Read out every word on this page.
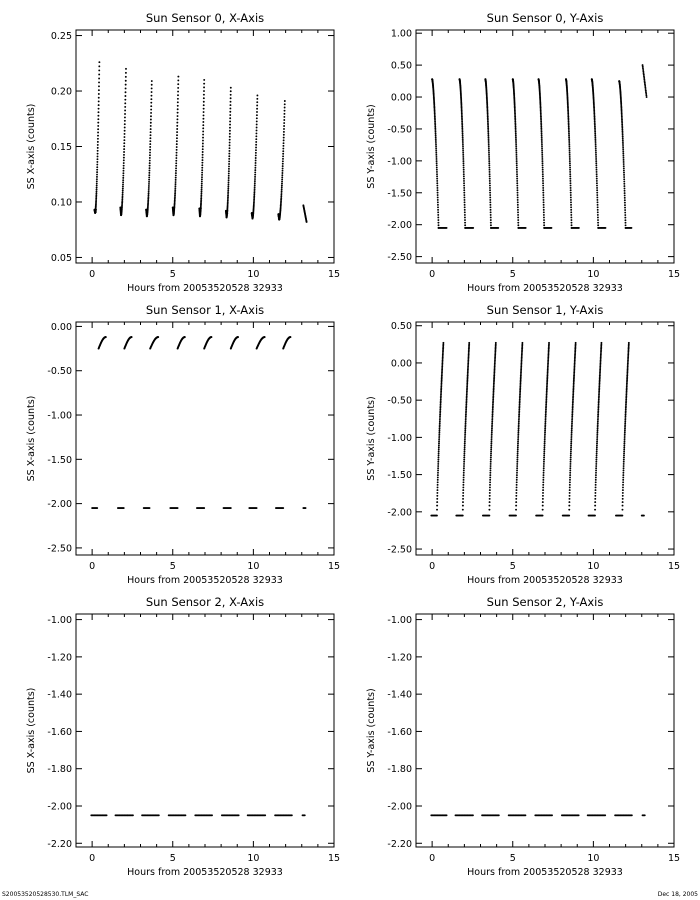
Sun Sensor 0, X-Axis
Hours from 20053520528 32933
SS X-axis (counts)
0	5	10	15
0.05
0.10
0.15
0.20
0.25
Sun Sensor 0, Y-Axis
Hours from 20053520528 32933
SS Y-axis (counts)
0	5	10	15
1.00
0.50
0.00
-0.50
-1.00
-1.50
-2.00
-2.50
Sun Sensor 1, X-Axis
Hours from 20053520528 32933
SS X-axis (counts)
0	5	10	15
0.00
-0.50
-1.00
-1.50
-2.00
-2.50
Sun Sensor 1, Y-Axis
Hours from 20053520528 32933
SS Y-axis (counts)
0	5	10	15
0.50
0.00
-0.50
-1.00
-1.50
-2.00
-2.50
Sun Sensor 2, X-Axis
Hours from 20053520528 32933
SS X-axis (counts)
0	5	10	15
-1.00
-1.20
-1.40
-1.60
-1.80
-2.00
-2.20
Sun Sensor 2, Y-Axis
Hours from 20053520528 32933
SS Y-axis (counts)
0	5	10	15
-1.00
-1.20
-1.40
-1.60
-1.80
-2.00
-2.20
S20053520528530.TLM_SAC	Dec 18, 2005
